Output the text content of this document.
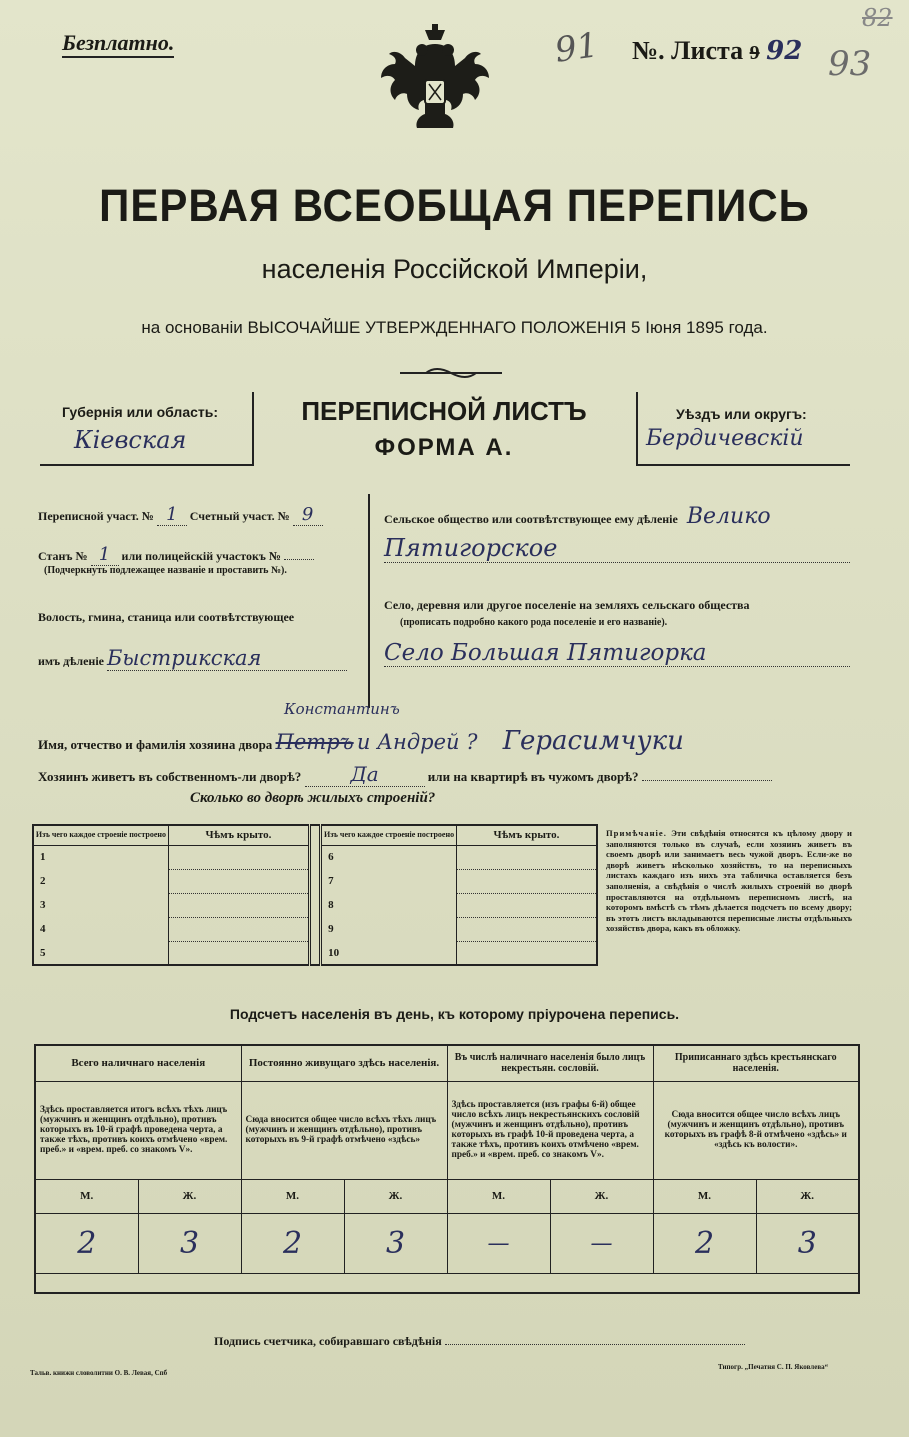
Безплатно.	91 №. Листа 9 92 93
82
ПЕРВАЯ ВСЕОБЩАЯ ПЕРЕПИСЬ
населенія Россійской Имперіи,
на основаніи ВЫСОЧАЙШЕ УТВЕРЖДЕННАГО ПОЛОЖЕНІЯ 5 Іюня 1895 года.
Губернія или область:
Кіевская
ПЕРЕПИСНОЙ ЛИСТЪ
ФОРМА А.
Уѣздъ или округъ:
Бердичевскій
Переписной участ. № 1 Счетный участ. № 9
Станъ № 1 или полицейскій участокъ №
(Подчеркнуть подлежащее названіе и проставить №).
Волость, гмина, станица или соотвѣтствующее
имъ дѣленіе Быстрикская
Сельское общество или соотвѣтствующее ему дѣленіе Велико
Пятигорское
Село, деревня или другое поселеніе на земляхъ сельскаго общества
(прописать подробно какого рода поселеніе и его названіе).
Село Большая Пятигорка
Константинъ
Имя, отчество и фамилія хозяина двора Петръ и Андрей ? Герасимчуки
Хозяинъ живетъ въ собственномъ-ли дворѣ? Да	или на квартирѣ въ чужомъ дворѣ?
Сколько во дворѣ жилыхъ строеній?
Изъ чего каждое строеніе построено	Чѣмъ крыто.		Изъ чего каждое строеніе построено	Чѣмъ крыто.
1			6	
2			7	
3			8	
4			9	
5			10	
Примѣчаніе. Эти свѣдѣнія относятся къ цѣлому двору и заполняются только въ случаѣ, если хозяинъ живетъ въ своемъ дворѣ или занимаетъ весь чужой дворъ. Если-же во дворѣ живетъ нѣсколько хозяйствъ, то на переписныхъ листахъ каждаго изъ нихъ эта табличка оставляется безъ заполненія, а свѣдѣнія о числѣ жилыхъ строеній во дворѣ проставляются на отдѣльномъ переписномъ листѣ, на которомъ вмѣстѣ съ тѣмъ дѣлается подсчетъ по всему двору; въ этотъ листъ вкладываются переписные листы отдѣльныхъ хозяйствъ двора, какъ въ обложку.
Подсчетъ населенія въ день, къ которому пріурочена перепись.
Всего наличнаго населенія		Постоянно живущаго здѣсь населенія.		Въ числѣ наличнаго населенія было лицъ некрестьян. сословій.		Приписаннаго здѣсь крестьянскаго населенія.	
Здѣсь проставляется итогъ всѣхъ тѣхъ лицъ (мужчинъ и женщинъ отдѣльно), противъ которыхъ въ 10-й графѣ проведена черта, а также тѣхъ, противъ коихъ отмѣчено «врем. преб.» и «врем. преб. со знакомъ V».		Сюда вносится общее число всѣхъ тѣхъ лицъ (мужчинъ и женщинъ отдѣльно), противъ которыхъ въ 9-й графѣ отмѣчено «здѣсь»		Здѣсь проставляется (изъ графы 6-й) общее число всѣхъ лицъ некрестьянскихъ сословій (мужчинъ и женщинъ отдѣльно), противъ которыхъ въ графѣ 10-й проведена черта, а также тѣхъ, противъ коихъ отмѣчено «врем. преб.» и «врем. преб. со знакомъ V».		Сюда вносится общее число всѣхъ лицъ (мужчинъ и женщинъ отдѣльно), противъ которыхъ въ графѣ 8-й отмѣчено «здѣсь» и «здѣсь къ волости».	
М.	Ж.	М.	Ж.	М.	Ж.	М.	Ж.
2	3	2	3	—	—	2	3

Подпись счетчика, собиравшаго свѣдѣнія
Тальв. книжн словолитни О. В. Левая, Спб
Типогр. „Печатня С. П. Яковлева“
